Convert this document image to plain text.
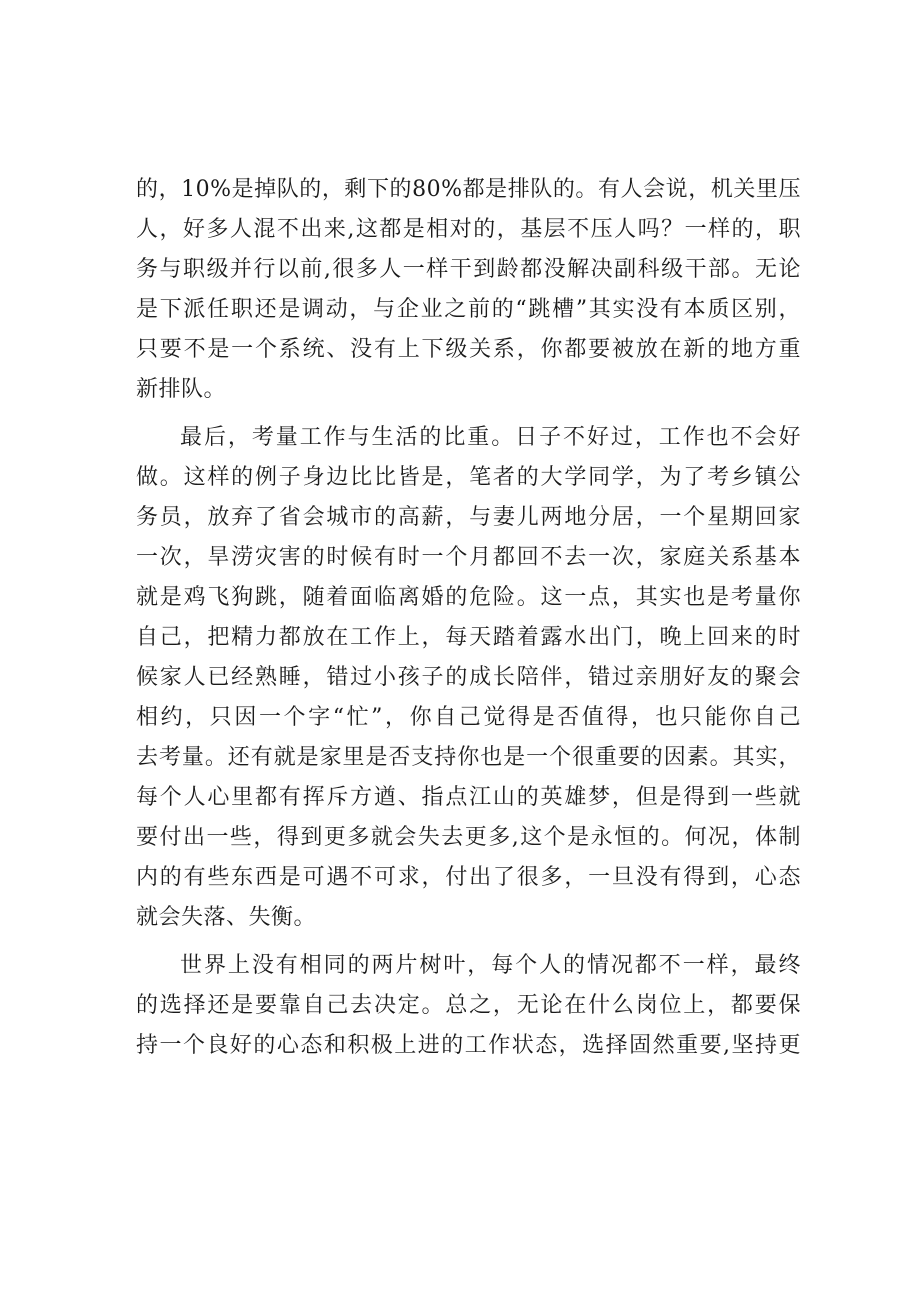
的，10%是掉队的，剩下的80%都是排队的。有人会说，机关里压
人，好多人混不出来,这都是相对的，基层不压人吗？一样的，职
务与职级并行以前,很多人一样干到龄都没解决副科级干部。无论
是下派任职还是调动，与企业之前的“跳槽”其实没有本质区别，
只要不是一个系统、没有上下级关系，你都要被放在新的地方重
新排队。
最后，考量工作与生活的比重。日子不好过，工作也不会好
做。这样的例子身边比比皆是，笔者的大学同学，为了考乡镇公
务员，放弃了省会城市的高薪，与妻儿两地分居，一个星期回家
一次，旱涝灾害的时候有时一个月都回不去一次，家庭关系基本
就是鸡飞狗跳，随着面临离婚的危险。这一点，其实也是考量你
自己，把精力都放在工作上，每天踏着露水出门，晚上回来的时
候家人已经熟睡，错过小孩子的成长陪伴，错过亲朋好友的聚会
相约，只因一个字“忙”，你自己觉得是否值得，也只能你自己
去考量。还有就是家里是否支持你也是一个很重要的因素。其实，
每个人心里都有挥斥方遒、指点江山的英雄梦，但是得到一些就
要付出一些，得到更多就会失去更多,这个是永恒的。何况，体制
内的有些东西是可遇不可求，付出了很多，一旦没有得到，心态
就会失落、失衡。
世界上没有相同的两片树叶，每个人的情况都不一样，最终
的选择还是要靠自己去决定。总之，无论在什么岗位上，都要保
持一个良好的心态和积极上进的工作状态，选择固然重要,坚持更
